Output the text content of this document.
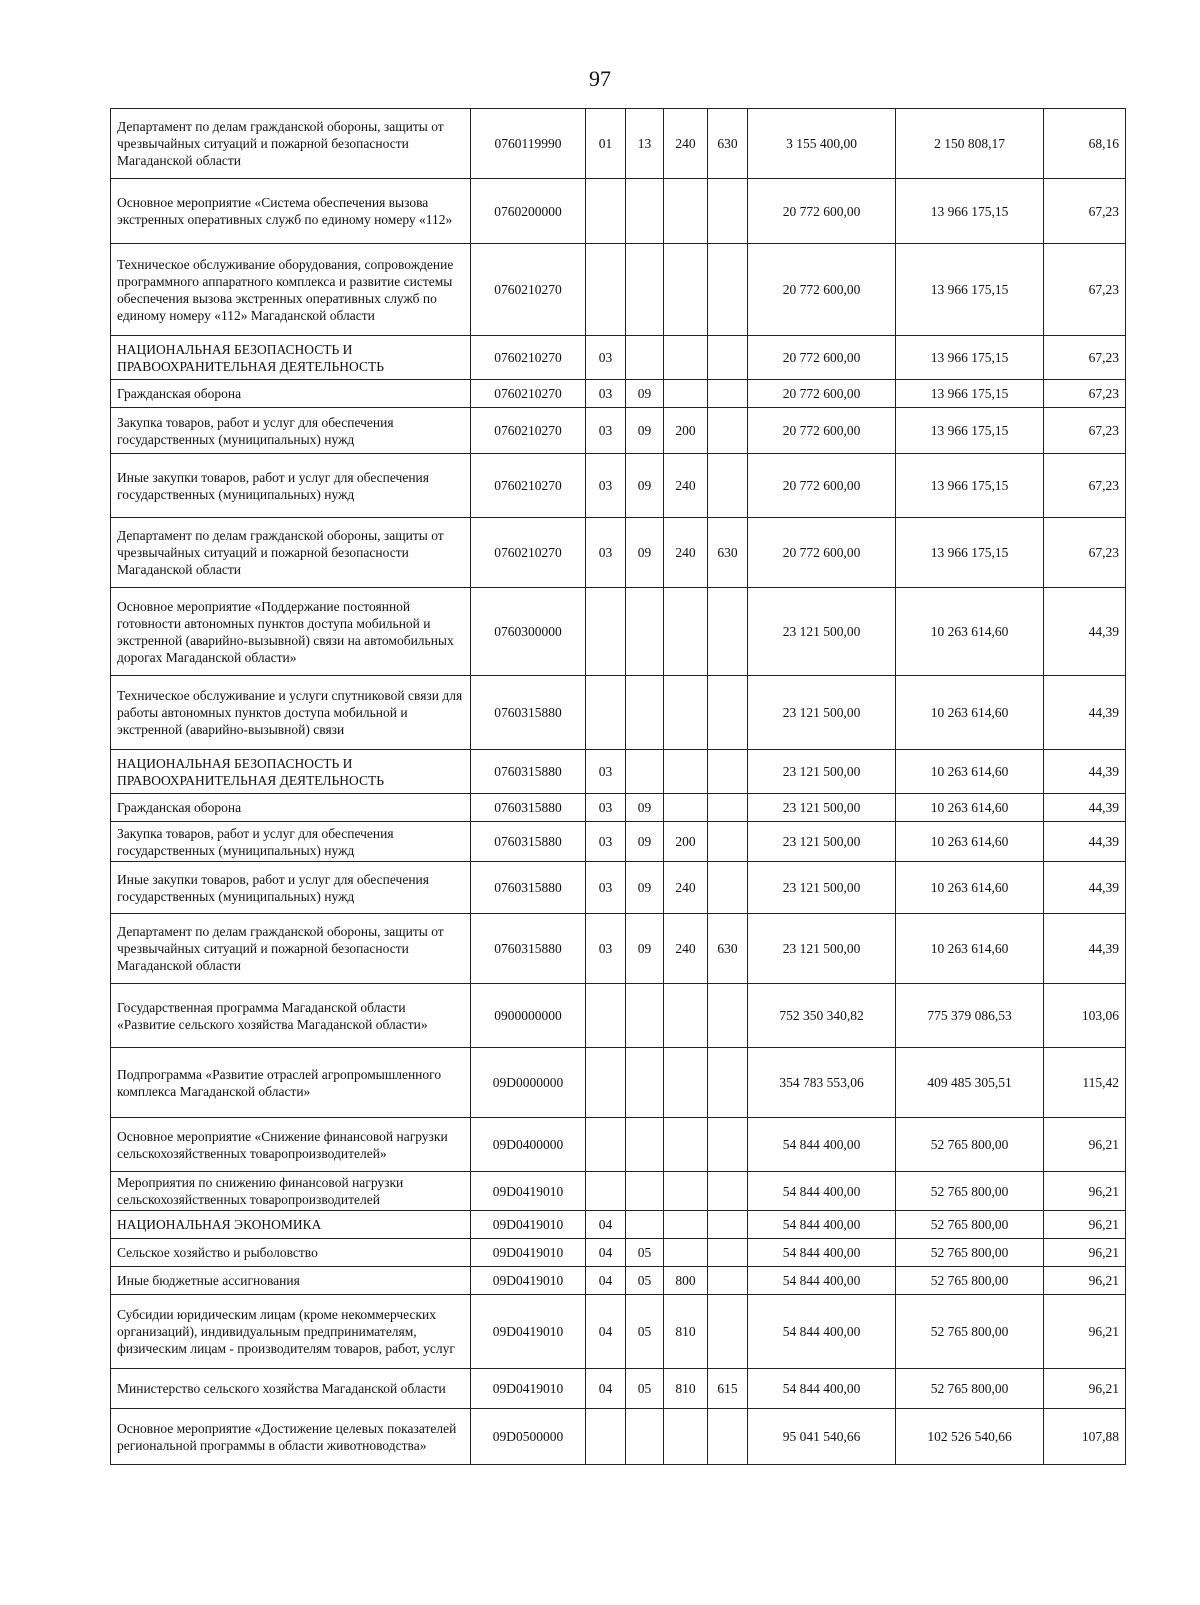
97
Департамент по делам гражданской обороны, защиты от чрезвычайных ситуаций и пожарной безопасности Магаданской области	0760119990	01	13	240	630	3 155 400,00	2 150 808,17	68,16
Основное мероприятие «Система обеспечения вызова экстренных оперативных служб по единому номеру «112»	0760200000					20 772 600,00	13 966 175,15	67,23
Техническое обслуживание оборудования, сопровождение программного аппаратного комплекса и развитие системы обеспечения вызова экстренных оперативных служб по единому номеру «112» Магаданской области	0760210270					20 772 600,00	13 966 175,15	67,23
НАЦИОНАЛЬНАЯ БЕЗОПАСНОСТЬ И ПРАВООХРАНИТЕЛЬНАЯ ДЕЯТЕЛЬНОСТЬ	0760210270	03				20 772 600,00	13 966 175,15	67,23
Гражданская оборона	0760210270	03	09			20 772 600,00	13 966 175,15	67,23
Закупка товаров, работ и услуг для обеспечения государственных (муниципальных) нужд	0760210270	03	09	200		20 772 600,00	13 966 175,15	67,23
Иные закупки товаров, работ и услуг для обеспечения государственных (муниципальных) нужд	0760210270	03	09	240		20 772 600,00	13 966 175,15	67,23
Департамент по делам гражданской обороны, защиты от чрезвычайных ситуаций и пожарной безопасности Магаданской области	0760210270	03	09	240	630	20 772 600,00	13 966 175,15	67,23
Основное мероприятие «Поддержание постоянной готовности автономных пунктов доступа мобильной и экстренной (аварийно-вызывной) связи на автомобильных дорогах Магаданской области»	0760300000					23 121 500,00	10 263 614,60	44,39
Техническое обслуживание и услуги спутниковой связи для работы автономных пунктов доступа мобильной и экстренной (аварийно-вызывной) связи	0760315880					23 121 500,00	10 263 614,60	44,39
НАЦИОНАЛЬНАЯ БЕЗОПАСНОСТЬ И ПРАВООХРАНИТЕЛЬНАЯ ДЕЯТЕЛЬНОСТЬ	0760315880	03				23 121 500,00	10 263 614,60	44,39
Гражданская оборона	0760315880	03	09			23 121 500,00	10 263 614,60	44,39
Закупка товаров, работ и услуг для обеспечения государственных (муниципальных) нужд	0760315880	03	09	200		23 121 500,00	10 263 614,60	44,39
Иные закупки товаров, работ и услуг для обеспечения государственных (муниципальных) нужд	0760315880	03	09	240		23 121 500,00	10 263 614,60	44,39
Департамент по делам гражданской обороны, защиты от чрезвычайных ситуаций и пожарной безопасности Магаданской области	0760315880	03	09	240	630	23 121 500,00	10 263 614,60	44,39
Государственная программа Магаданской области «Развитие сельского хозяйства Магаданской области»	0900000000					752 350 340,82	775 379 086,53	103,06
Подпрограмма «Развитие отраслей агропромышленного комплекса Магаданской области»	09D0000000					354 783 553,06	409 485 305,51	115,42
Основное мероприятие «Снижение финансовой нагрузки сельскохозяйственных товаропроизводителей»	09D0400000					54 844 400,00	52 765 800,00	96,21
Мероприятия по снижению финансовой нагрузки сельскохозяйственных товаропроизводителей	09D0419010					54 844 400,00	52 765 800,00	96,21
НАЦИОНАЛЬНАЯ ЭКОНОМИКА	09D0419010	04				54 844 400,00	52 765 800,00	96,21
Сельское хозяйство и рыболовство	09D0419010	04	05			54 844 400,00	52 765 800,00	96,21
Иные бюджетные ассигнования	09D0419010	04	05	800		54 844 400,00	52 765 800,00	96,21
Субсидии юридическим лицам (кроме некоммерческих организаций), индивидуальным предпринимателям, физическим лицам - производителям товаров, работ, услуг	09D0419010	04	05	810		54 844 400,00	52 765 800,00	96,21
Министерство сельского хозяйства Магаданской области	09D0419010	04	05	810	615	54 844 400,00	52 765 800,00	96,21
Основное мероприятие «Достижение целевых показателей региональной программы в области животноводства»	09D0500000					95 041 540,66	102 526 540,66	107,88
